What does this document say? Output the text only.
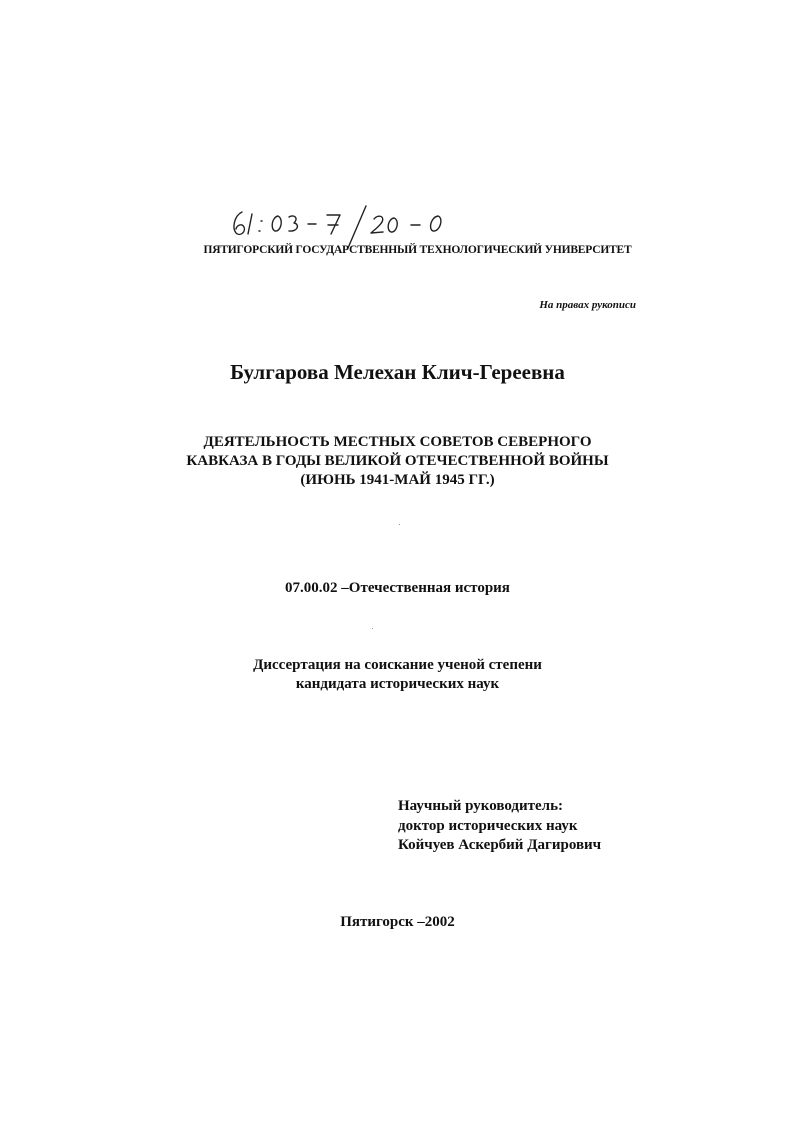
ПЯТИГОРСКИЙ ГОСУДАРСТВЕННЫЙ ТЕХНОЛОГИЧЕСКИЙ УНИВЕРСИТЕТ
На правах рукописи
Булгарова Мелехан Клич-Гереевна
ДЕЯТЕЛЬНОСТЬ МЕСТНЫХ СОВЕТОВ СЕВЕРНОГО
КАВКАЗА В ГОДЫ ВЕЛИКОЙ ОТЕЧЕСТВЕННОЙ ВОЙНЫ
(ИЮНЬ 1941-МАЙ 1945 ГГ.)
07.00.02 –Отечественная история
Диссертация на соискание ученой степени
кандидата исторических наук
Научный руководитель:
доктор исторических наук
Койчуев Аскербий Дагирович
Пятигорск –2002
